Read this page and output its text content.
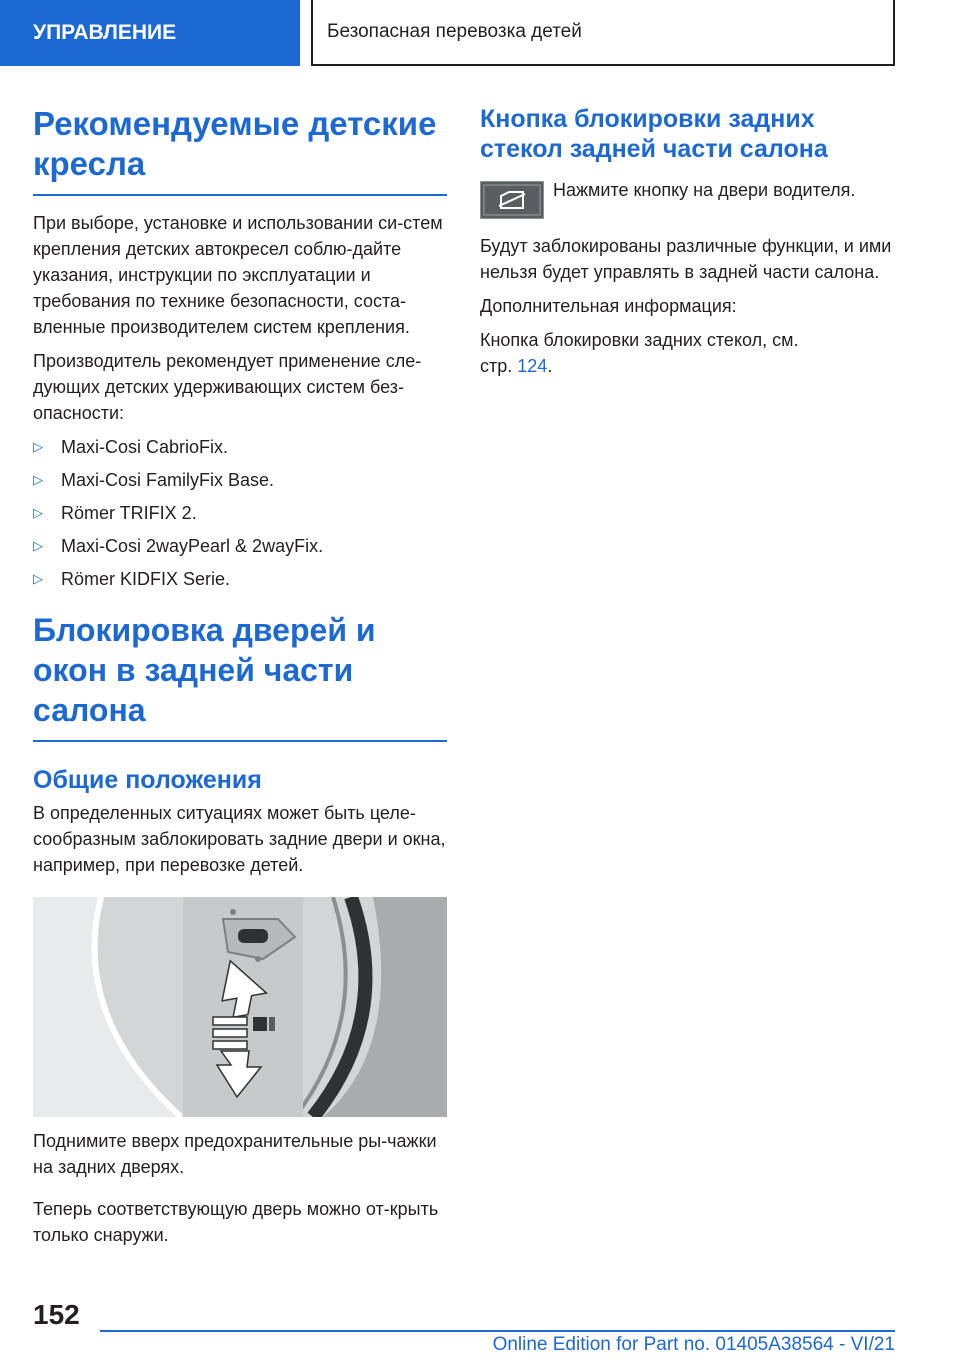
УПРАВЛЕНИЕ	Безопасная перевозка детей
Рекомендуемые детские кресла

При выборе, установке и использовании си-стем крепления детских автокресел соблю-дайте указания, инструкции по эксплуатации и требования по технике безопасности, соста-вленные производителем систем крепления.

Производитель рекомендует применение сле-дующих детских удерживающих систем без-опасности:

▷ Maxi-Cosi CabrioFix.
▷ Maxi-Cosi FamilyFix Base.
▷ Römer TRIFIX 2.
▷ Maxi-Cosi 2wayPearl & 2wayFix.
▷ Römer KIDFIX Serie.
Блокировка дверей и окон в задней части салона
Общие положения

В определенных ситуациях может быть целе-сообразным заблокировать задние двери и окна, например, при перевозке детей.

Поднимите вверх предохранительные ры-чажки на задних дверях.

Теперь соответствующую дверь можно от-крыть только снаружи.

Кнопка блокировки задних стекол задней части салона

Нажмите кнопку на двери водителя.

Будут заблокированы различные функции, и ими нельзя будет управлять в задней части салона.

Дополнительная информация:

Кнопка блокировки задних стекол, см.
стр. 124.

152
Online Edition for Part no. 01405A38564 - VI/21
